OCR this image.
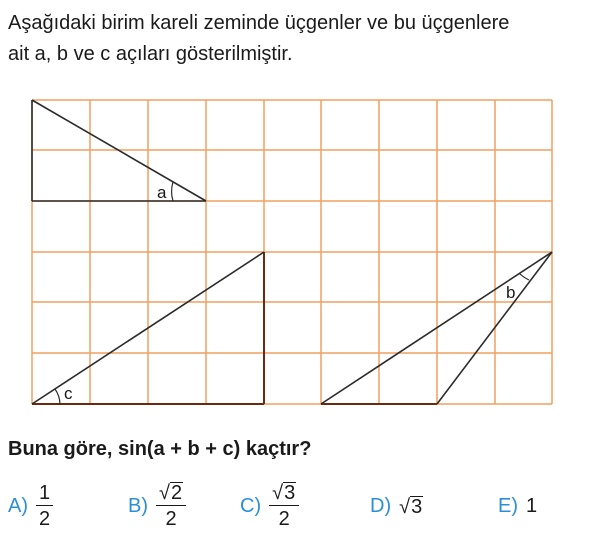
Aşağıdaki birim kareli zeminde üçgenler ve bu üçgenlere
ait a, b ve c açıları gösterilmiştir.
a
c
b
Buna göre, sin(a + b + c) kaçtır?
$A) \frac{1}{2}$	$B) \frac{√ 2}{2}$	$C) \frac{√ 3}{2}$	D) √ 3	E) 1
